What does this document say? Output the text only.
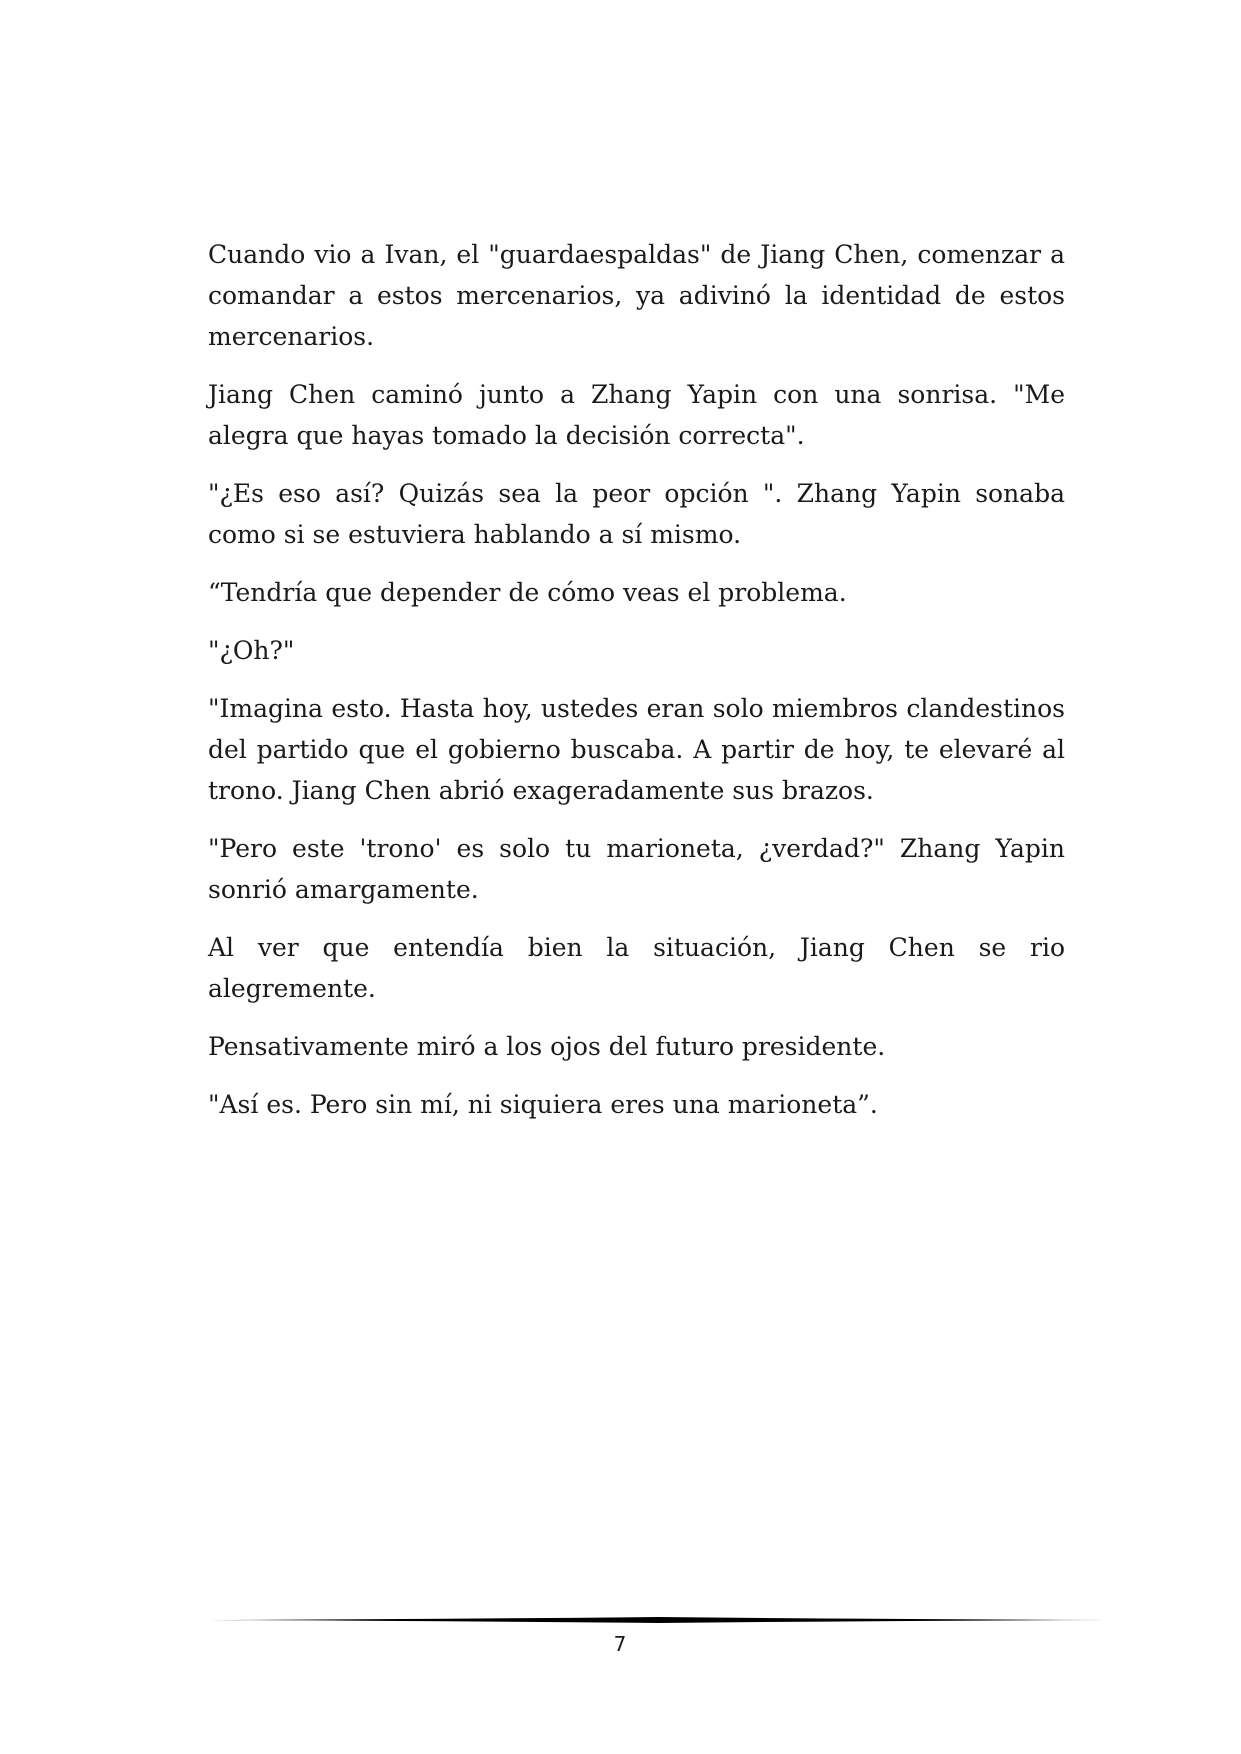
Cuando vio a Ivan, el "guardaespaldas" de Jiang Chen, comenzar a comandar a estos mercenarios, ya adivinó la identidad de estos mercenarios.

Jiang Chen caminó junto a Zhang Yapin con una sonrisa. "Me alegra que hayas tomado la decisión correcta".

"¿Es eso así? Quizás sea la peor opción ". Zhang Yapin sonaba como si se estuviera hablando a sí mismo.

“Tendría que depender de cómo veas el problema.

"¿Oh?"

"Imagina esto. Hasta hoy, ustedes eran solo miembros clandestinos del partido que el gobierno buscaba. A partir de hoy, te elevaré al trono. Jiang Chen abrió exageradamente sus brazos.

"Pero este 'trono' es solo tu marioneta, ¿verdad?" Zhang Yapin sonrió amargamente.

Al ver que entendía bien la situación, Jiang Chen se rio alegremente.

Pensativamente miró a los ojos del futuro presidente.

"Así es. Pero sin mí, ni siquiera eres una marioneta”.

7
